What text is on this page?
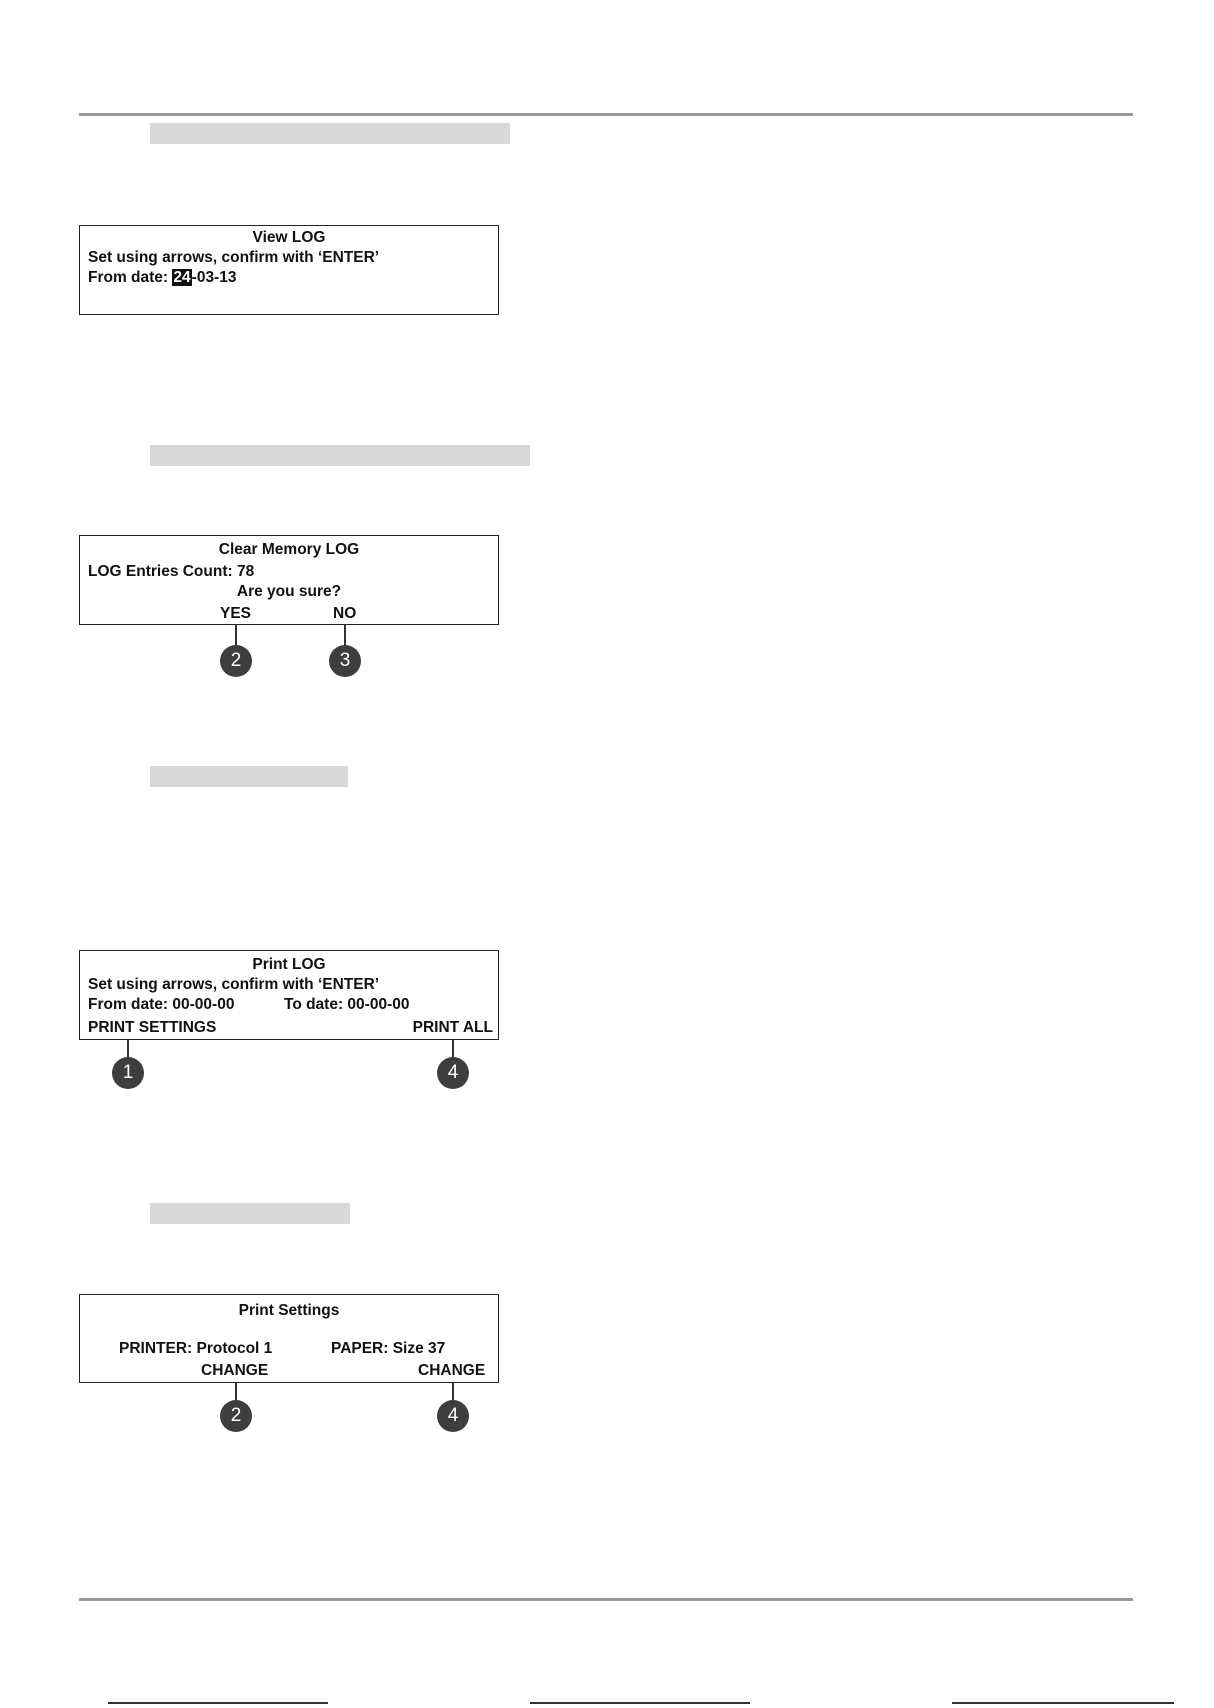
View LOG
Set using arrows, confirm with ‘ENTER’
From date: 24-03-13
Clear Memory LOG
LOG Entries Count: 78
Are you sure?
YES	NO
2	3
Print LOG
Set using arrows, confirm with ‘ENTER’
From date: 00-00-00	To date: 00-00-00
PRINT SETTINGS	PRINT ALL
1	4
Print Settings
PRINTER: Protocol 1	PAPER: Size 37
CHANGE	CHANGE
2	4
